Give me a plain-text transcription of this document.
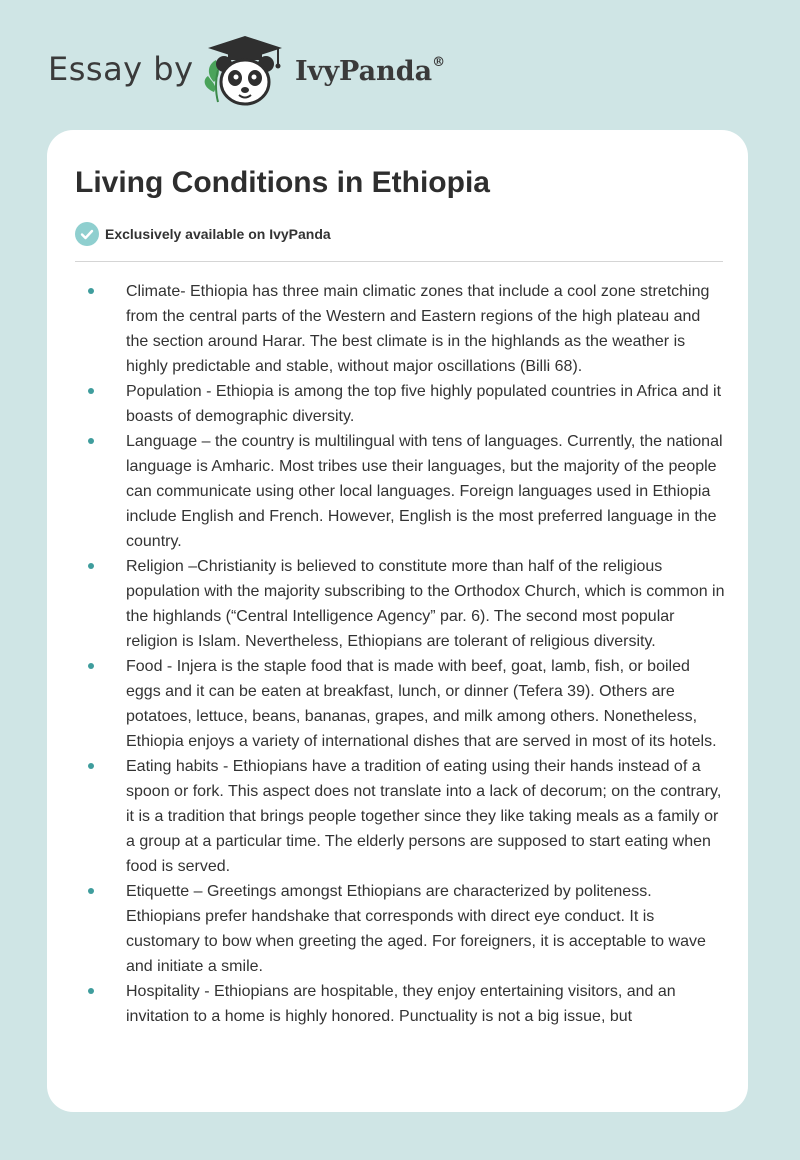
Essay by	IvyPanda®
Living Conditions in Ethiopia
Exclusively available on IvyPanda
Climate- Ethiopia has three main climatic zones that include a cool zone stretching from the central parts of the Western and Eastern regions of the high plateau and the section around Harar. The best climate is in the highlands as the weather is highly predictable and stable, without major oscillations (Billi 68).
Population - Ethiopia is among the top five highly populated countries in Africa and it boasts of demographic diversity.
Language – the country is multilingual with tens of languages. Currently, the national language is Amharic. Most tribes use their languages, but the majority of the people can communicate using other local languages. Foreign languages used in Ethiopia include English and French. However, English is the most preferred language in the country.
Religion –Christianity is believed to constitute more than half of the religious population with the majority subscribing to the Orthodox Church, which is common in the highlands (“Central Intelligence Agency” par. 6). The second most popular religion is Islam. Nevertheless, Ethiopians are tolerant of religious diversity.
Food - Injera is the staple food that is made with beef, goat, lamb, fish, or boiled eggs and it can be eaten at breakfast, lunch, or dinner (Tefera 39). Others are potatoes, lettuce, beans, bananas, grapes, and milk among others. Nonetheless, Ethiopia enjoys a variety of international dishes that are served in most of its hotels.
Eating habits - Ethiopians have a tradition of eating using their hands instead of a spoon or fork. This aspect does not translate into a lack of decorum; on the contrary, it is a tradition that brings people together since they like taking meals as a family or a group at a particular time. The elderly persons are supposed to start eating when food is served.
Etiquette – Greetings amongst Ethiopians are characterized by politeness. Ethiopians prefer handshake that corresponds with direct eye conduct. It is customary to bow when greeting the aged. For foreigners, it is acceptable to wave and initiate a smile.
Hospitality - Ethiopians are hospitable, they enjoy entertaining visitors, and an invitation to a home is highly honored. Punctuality is not a big issue, but
